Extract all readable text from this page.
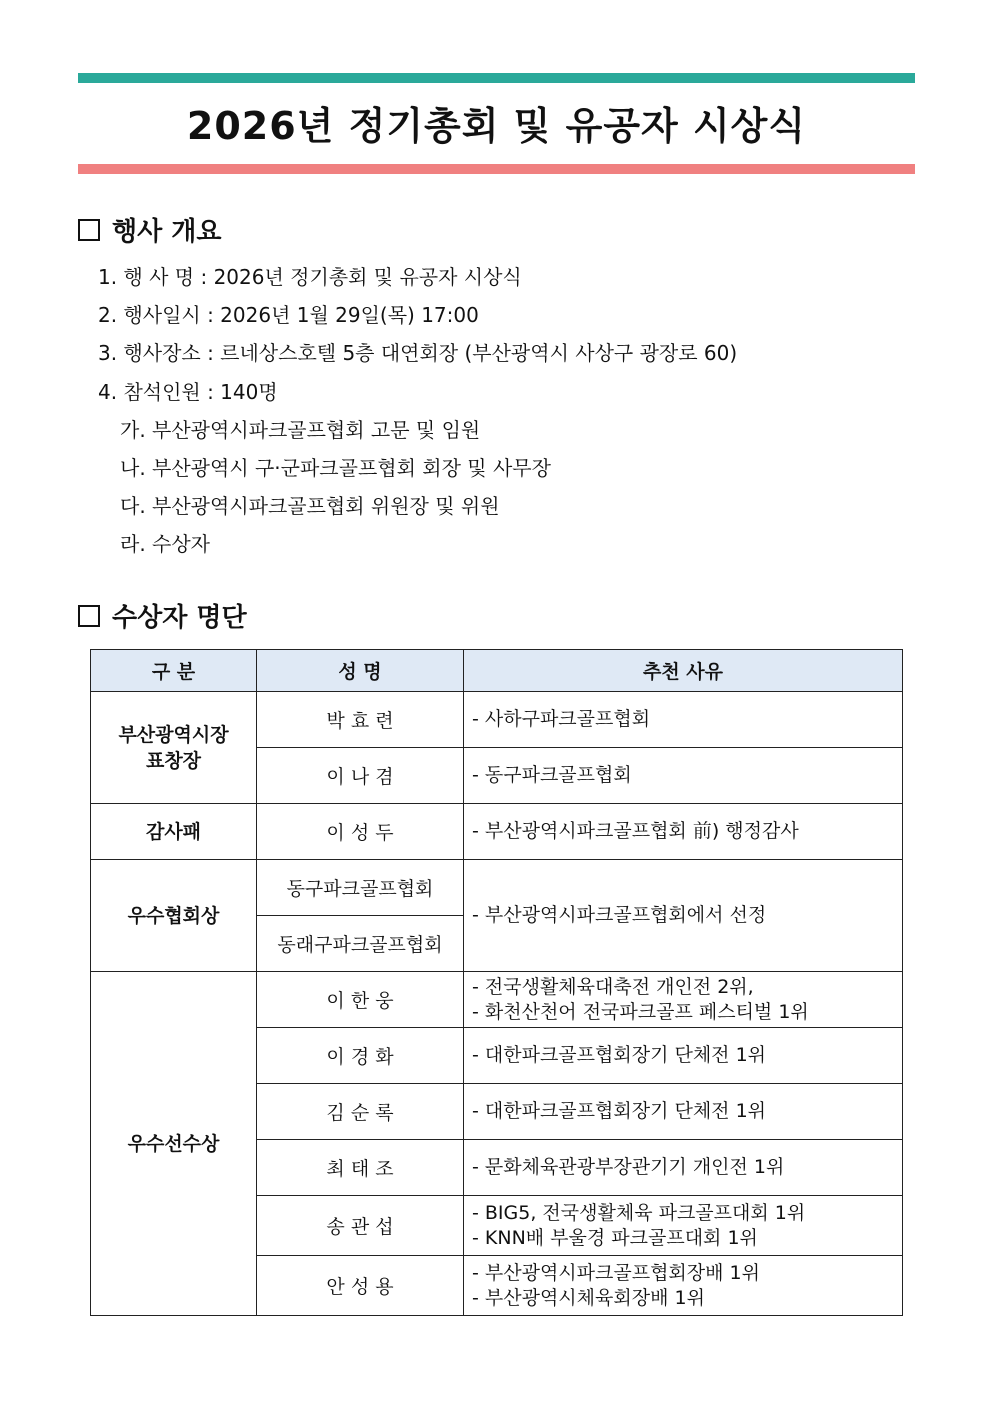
2026년 정기총회 및 유공자 시상식
행사 개요
1. 행 사 명 : 2026년 정기총회 및 유공자 시상식
2. 행사일시 : 2026년 1월 29일(목) 17:00
3. 행사장소 : 르네상스호텔 5층 대연회장 (부산광역시 사상구 광장로 60)
4. 참석인원 : 140명
가. 부산광역시파크골프협회 고문 및 임원
나. 부산광역시 구·군파크골프협회 회장 및 사무장
다. 부산광역시파크골프협회 위원장 및 위원
라. 수상자
수상자 명단
구 분	성 명	추천 사유

부산광역시장
표창장	박 효 련	- 사하구파크골프협회

	이 나 겸	- 동구파크골프협회

감사패	이 성 두	- 부산광역시파크골프협회 前) 행정감사

우수협회상	동구파크골프협회	- 부산광역시파크골프협회에서 선정

	동래구파크골프협회	
우수선수상	이 한 웅	- 전국생활체육대축전 개인전 2위,
- 화천산천어 전국파크골프 페스티벌 1위

	이 경 화	- 대한파크골프협회장기 단체전 1위

	김 순 록	- 대한파크골프협회장기 단체전 1위

	최 태 조	- 문화체육관광부장관기기 개인전 1위

	송 관 섭	- BIG5, 전국생활체육 파크골프대회 1위
- KNN배 부울경 파크골프대회 1위

	안 성 용	- 부산광역시파크골프협회장배 1위
- 부산광역시체육회장배 1위
